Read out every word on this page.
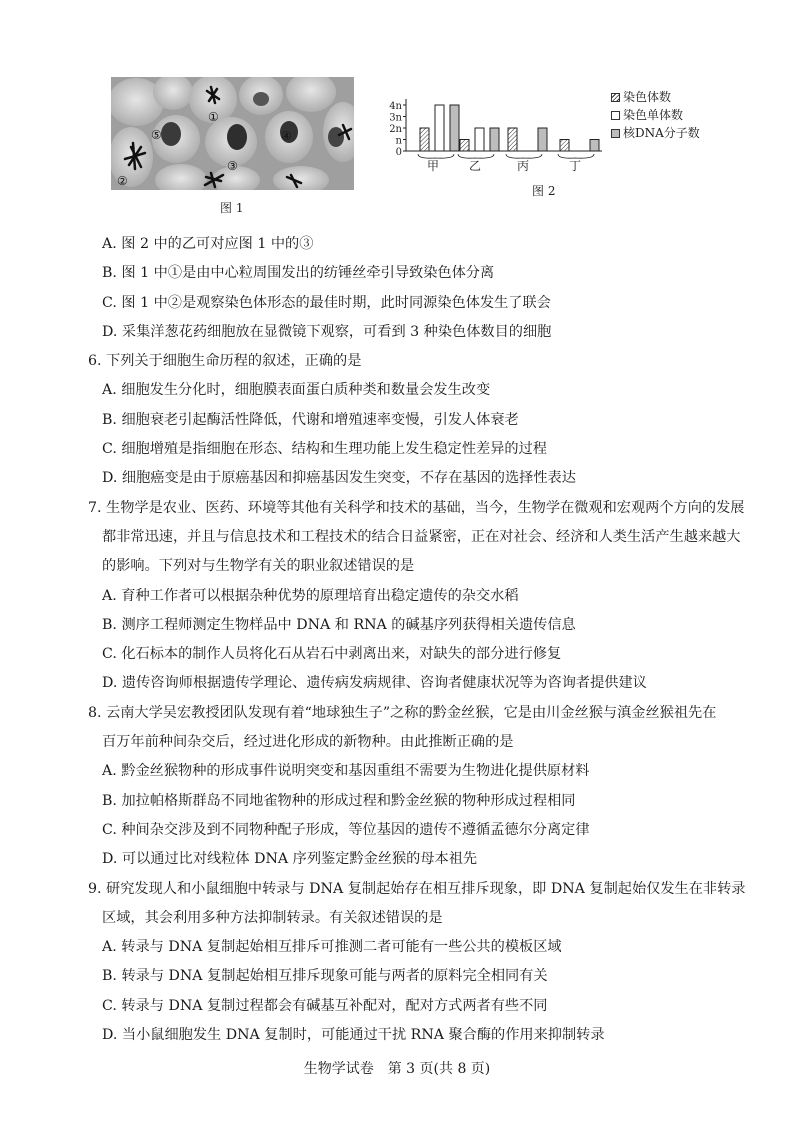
①
②
③
④
⑤
图 1
4n
3n
2n
n
0
甲 乙	丙	丁
图 2
染色体数
染色单体数
核DNA分子数
A. 图 2 中的乙可对应图 1 中的③
B. 图 1 中①是由中心粒周围发出的纺锤丝牵引导致染色体分离
C. 图 1 中②是观察染色体形态的最佳时期，此时同源染色体发生了联会
D. 采集洋葱花药细胞放在显微镜下观察，可看到 3 种染色体数目的细胞
6. 下列关于细胞生命历程的叙述，正确的是
A. 细胞发生分化时，细胞膜表面蛋白质种类和数量会发生改变
B. 细胞衰老引起酶活性降低，代谢和增殖速率变慢，引发人体衰老
C. 细胞增殖是指细胞在形态、结构和生理功能上发生稳定性差异的过程
D. 细胞癌变是由于原癌基因和抑癌基因发生突变，不存在基因的选择性表达
7. 生物学是农业、医药、环境等其他有关科学和技术的基础，当今，生物学在微观和宏观两个方向的发展
都非常迅速，并且与信息技术和工程技术的结合日益紧密，正在对社会、经济和人类生活产生越来越大
的影响。下列对与生物学有关的职业叙述错误的是
A. 育种工作者可以根据杂种优势的原理培育出稳定遗传的杂交水稻
B. 测序工程师测定生物样品中 DNA 和 RNA 的碱基序列获得相关遗传信息
C. 化石标本的制作人员将化石从岩石中剥离出来，对缺失的部分进行修复
D. 遗传咨询师根据遗传学理论、遗传病发病规律、咨询者健康状况等为咨询者提供建议
8. 云南大学吴宏教授团队发现有着“地球独生子”之称的黔金丝猴，它是由川金丝猴与滇金丝猴祖先在
百万年前种间杂交后，经过进化形成的新物种。由此推断正确的是
A. 黔金丝猴物种的形成事件说明突变和基因重组不需要为生物进化提供原材料
B. 加拉帕格斯群岛不同地雀物种的形成过程和黔金丝猴的物种形成过程相同
C. 种间杂交涉及到不同物种配子形成，等位基因的遗传不遵循孟德尔分离定律
D. 可以通过比对线粒体 DNA 序列鉴定黔金丝猴的母本祖先
9. 研究发现人和小鼠细胞中转录与 DNA 复制起始存在相互排斥现象，即 DNA 复制起始仅发生在非转录
区域，其会利用多种方法抑制转录。有关叙述错误的是
A. 转录与 DNA 复制起始相互排斥可推测二者可能有一些公共的模板区域
B. 转录与 DNA 复制起始相互排斥现象可能与两者的原料完全相同有关
C. 转录与 DNA 复制过程都会有碱基互补配对，配对方式两者有些不同
D. 当小鼠细胞发生 DNA 复制时，可能通过干扰 RNA 聚合酶的作用来抑制转录
生物学试卷　第 3 页(共 8 页)
